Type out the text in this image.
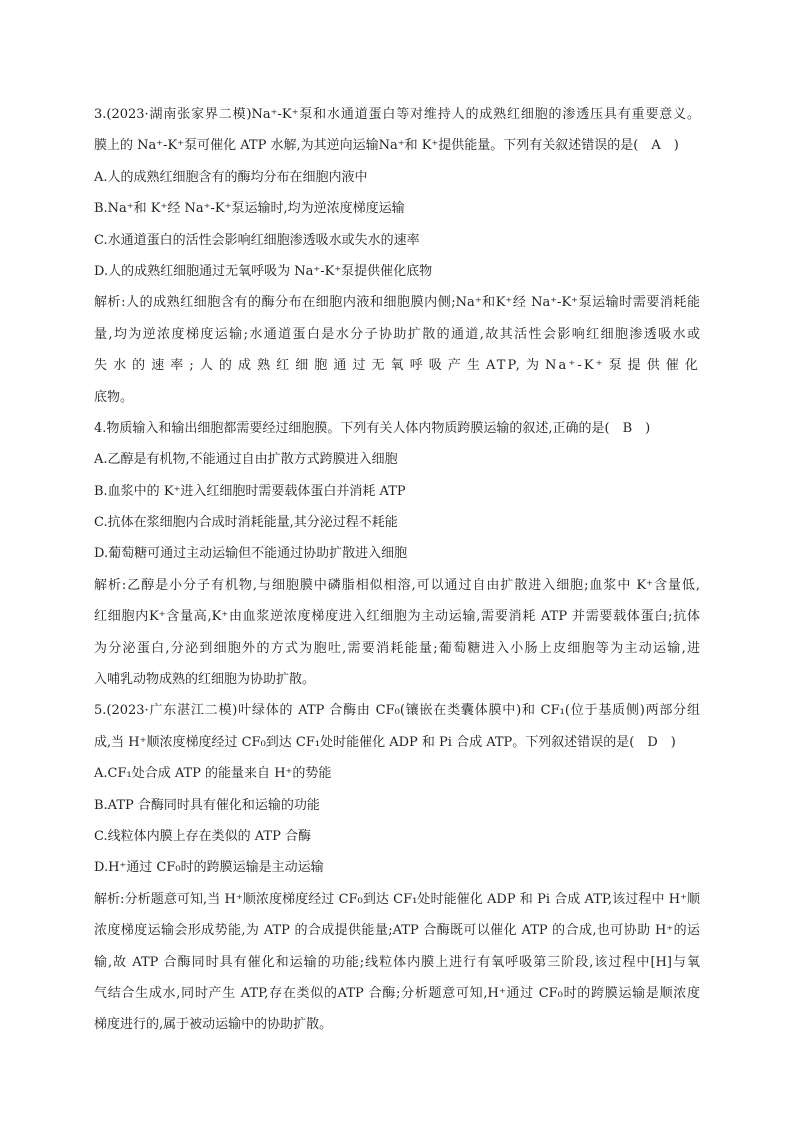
3.(2023·湖南张家界二模)Na⁺-K⁺泵和水通道蛋白等对维持人的成熟红细胞的渗透压具有重要意义。
膜上的 Na⁺-K⁺泵可催化 ATP 水解,为其逆向运输Na⁺和 K⁺提供能量。下列有关叙述错误的是(　A　)
A.人的成熟红细胞含有的酶均分布在细胞内液中
B.Na⁺和 K⁺经 Na⁺-K⁺泵运输时,均为逆浓度梯度运输
C.水通道蛋白的活性会影响红细胞渗透吸水或失水的速率
D.人的成熟红细胞通过无氧呼吸为 Na⁺-K⁺泵提供催化底物
解析:人的成熟红细胞含有的酶分布在细胞内液和细胞膜内侧;Na⁺和K⁺经 Na⁺-K⁺泵运输时需要消耗能
量,均为逆浓度梯度运输;水通道蛋白是水分子协助扩散的通道,故其活性会影响红细胞渗透吸水或
失水的速率;人的成熟红细胞通过无氧呼吸产生ATP,为Na⁺-K⁺泵提供催化
底物。
4.物质输入和输出细胞都需要经过细胞膜。下列有关人体内物质跨膜运输的叙述,正确的是(　B　)
A.乙醇是有机物,不能通过自由扩散方式跨膜进入细胞
B.血浆中的 K⁺进入红细胞时需要载体蛋白并消耗 ATP
C.抗体在浆细胞内合成时消耗能量,其分泌过程不耗能
D.葡萄糖可通过主动运输但不能通过协助扩散进入细胞
解析:乙醇是小分子有机物,与细胞膜中磷脂相似相溶,可以通过自由扩散进入细胞;血浆中 K⁺含量低,
红细胞内K⁺含量高,K⁺由血浆逆浓度梯度进入红细胞为主动运输,需要消耗 ATP 并需要载体蛋白;抗体
为分泌蛋白,分泌到细胞外的方式为胞吐,需要消耗能量;葡萄糖进入小肠上皮细胞等为主动运输,进
入哺乳动物成熟的红细胞为协助扩散。
5.(2023·广东湛江二模)叶绿体的 ATP 合酶由 CF₀(镶嵌在类囊体膜中)和 CF₁(位于基质侧)两部分组
成,当 H⁺顺浓度梯度经过 CF₀到达 CF₁处时能催化 ADP 和 Pi 合成 ATP。下列叙述错误的是(　D　)
A.CF₁处合成 ATP 的能量来自 H⁺的势能
B.ATP 合酶同时具有催化和运输的功能
C.线粒体内膜上存在类似的 ATP 合酶
D.H⁺通过 CF₀时的跨膜运输是主动运输
解析:分析题意可知,当 H⁺顺浓度梯度经过 CF₀到达 CF₁处时能催化 ADP 和 Pi 合成 ATP,该过程中 H⁺顺
浓度梯度运输会形成势能,为 ATP 的合成提供能量;ATP 合酶既可以催化 ATP 的合成,也可协助 H⁺的运
输,故 ATP 合酶同时具有催化和运输的功能;线粒体内膜上进行有氧呼吸第三阶段,该过程中[H]与氧
气结合生成水,同时产生 ATP,存在类似的ATP 合酶;分析题意可知,H⁺通过 CF₀时的跨膜运输是顺浓度
梯度进行的,属于被动运输中的协助扩散。
